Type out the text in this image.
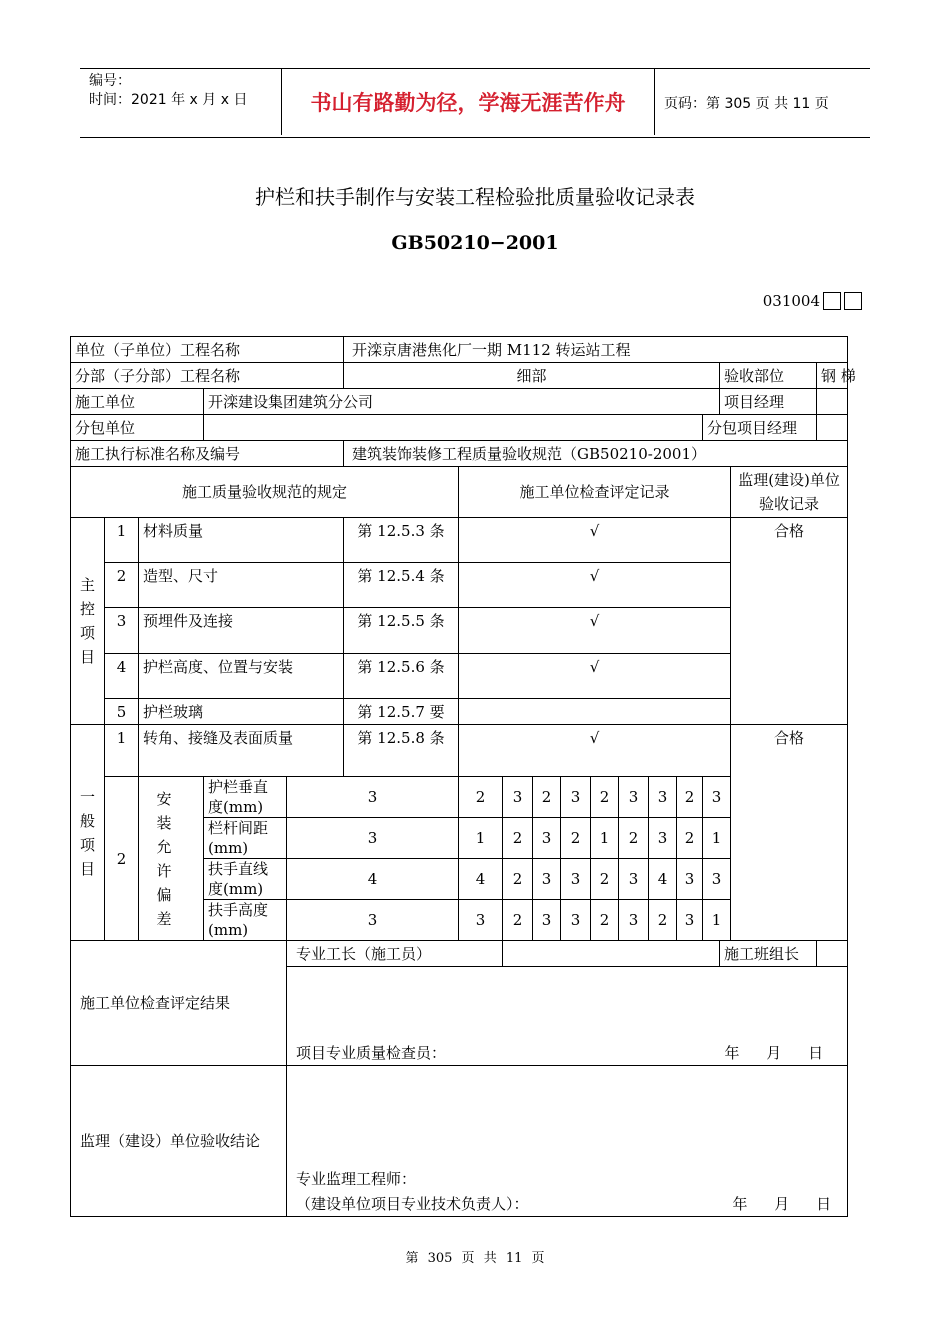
编号：
时间：2021 年 x 月 x 日	书山有路勤为径，学海无涯苦作舟	页码：第 305 页 共 11 页
护栏和扶手制作与安装工程检验批质量验收记录表
GB50210−2001
031004
单位（子单位）工程名称					开滦京唐港焦化厂一期 M112 转运站工程												
分部（子分部）工程名称					细部										验收部位		钢 梯
施工单位			开滦建设集团建筑分公司												项目经理		
分包单位														分包项目经理			
施工执行标准名称及编号					建筑装饰装修工程质量验收规范（GB50210-2001）												
施工质量验收规范的规定						施工单位检查评定记录										监理(建设)单位验收记录	
主控项目	1	材料质量			第 12.5.3 条	√										合格	
	2	造型、尺寸			第 12.5.4 条	√											
	3	预埋件及连接			第 12.5.5 条	√											
	4	护栏高度、位置与安装			第 12.5.6 条	√											
	5	护栏玻璃			第 12.5.7 要												
一般项目	1	转角、接缝及表面质量			第 12.5.8 条	√										合格	
	2	安装允许偏差	护栏垂直度(mm)	3		2	3	2	3	2	3	3	2	3			
			栏杆间距(mm)	3		1	2	3	2	1	2	3	2	1			
			扶手直线度(mm)	4		4	2	3	3	2	3	4	3	3			
			扶手高度(mm)	3		3	2	3	3	2	3	2	3	1			
施工单位检查评定结果				专业工长（施工员）											施工班组长		

				项目专业质量检查员： 年 月 日													

监理（建设）单位验收结论				专业监理工程师：
（建设单位项目专业技术负责人）： 年 月 日													
第 305 页 共 11 页
